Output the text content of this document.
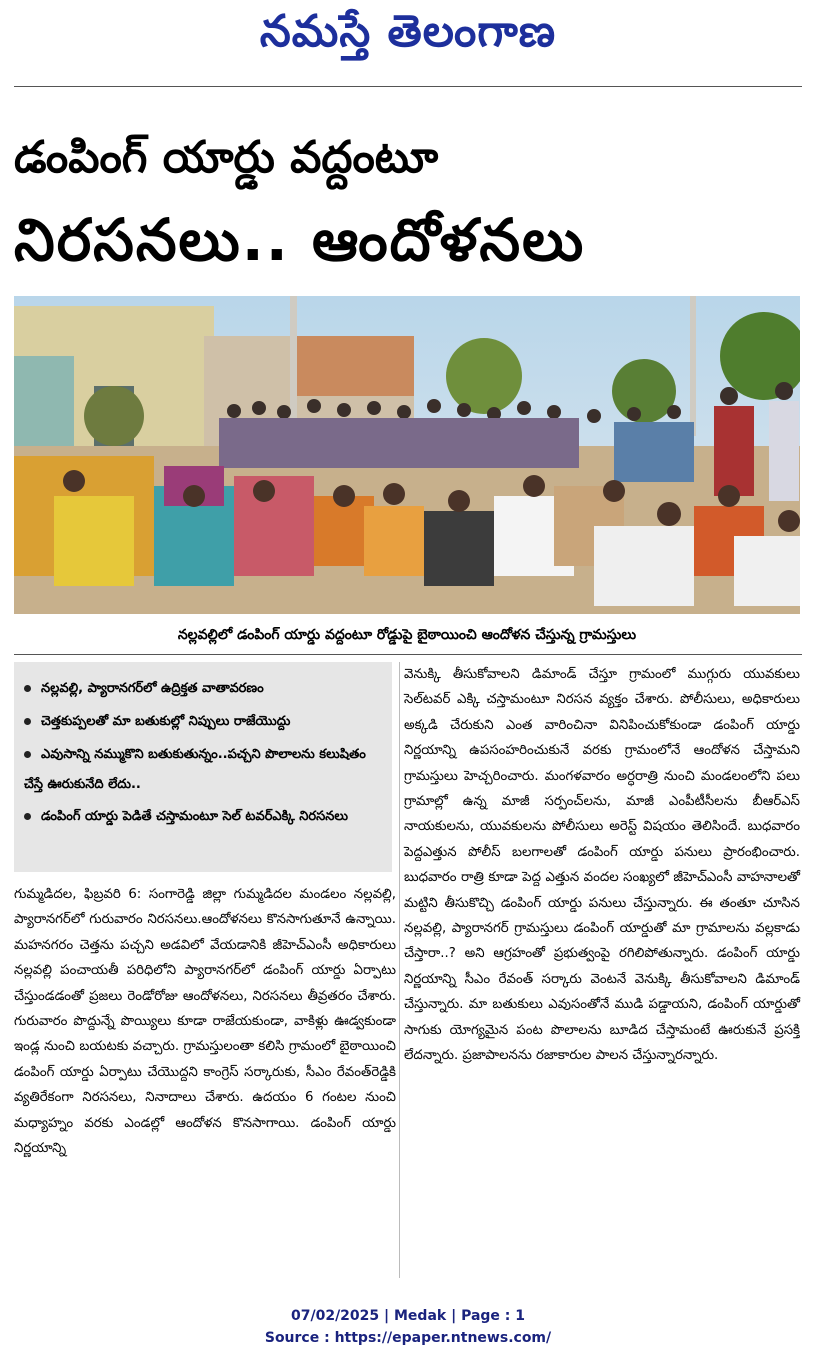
నమస్తే తెలంగాణ
డంపింగ్ యార్డు వద్దంటూ
నిరసనలు.. ఆందోళనలు
నల్లవల్లిలో డంపింగ్ యార్డు వద్దంటూ రోడ్డుపై బైఠాయించి ఆందోళన చేస్తున్న గ్రామస్తులు
నల్లవల్లి, ప్యారానగర్‌లో ఉద్రిక్తత వాతావరణం
చెత్తకుప్పలతో మా బతుకుల్లో నిప్పులు రాజేయొద్దు
ఎవుసాన్ని నమ్ముకొని బతుకుతున్నం..పచ్చని పొలాలను కలుషితం చేస్తే ఊరుకునేది లేదు..
డంపింగ్ యార్డు పెడితే చస్తామంటూ సెల్ టవర్‌ఎక్కి నిరసనలు
గుమ్మడిదల, ఫిబ్రవరి 6: సంగారెడ్డి జిల్లా గుమ్మడిదల మండలం నల్లవల్లి, ప్యారానగర్‌లో గురువారం నిరసనలు.ఆందోళనలు కొనసాగుతూనే ఉన్నాయి. మహనగరం చెత్తను పచ్చని అడవిలో వేయడానికి జీహెచ్ఎంసీ అధికారులు నల్లవల్లి పంచాయతీ పరిధిలోని ప్యారానగర్‌లో డంపింగ్ యార్డు ఏర్పాటు చేస్తుండడంతో ప్రజలు రెండోరోజు ఆందోళనలు, నిరసనలు తీవ్రతరం చేశారు. గురువారం పొద్దున్నే పొయ్యిలు కూడా రాజేయకుండా, వాకిళ్లు ఊడ్వకుండా ఇండ్ల నుంచి బయటకు వచ్చారు. గ్రామస్తులంతా కలిసి గ్రామంలో బైఠాయించి డంపింగ్ యార్డు ఏర్పాటు చేయొద్దని కాంగ్రెస్ సర్కారుకు, సీఎం రేవంత్‌రెడ్డికి వ్యతిరేకంగా నిరసనలు, నినాదాలు చేశారు. ఉదయం 6 గంటల నుంచి మధ్యాహ్నం వరకు ఎండల్లో ఆందోళన కొనసాగాయి. డంపింగ్ యార్డు నిర్ణయాన్ని
వెనుక్కి తీసుకోవాలని డిమాండ్ చేస్తూ గ్రామంలో ముగ్గురు యువకులు సెల్‌టవర్ ఎక్కి చస్తామంటూ నిరసన వ్యక్తం చేశారు. పోలీసులు, అధికారులు అక్కడి చేరుకుని ఎంత వారించినా వినిపించుకోకుండా డంపింగ్ యార్డు నిర్ణయాన్ని ఉపసంహరించుకునే వరకు గ్రామంలోనే ఆందోళన చేస్తామని గ్రామస్తులు హెచ్చరించారు. మంగళవారం అర్ధరాత్రి నుంచి మండలంలోని పలు గ్రామాల్లో ఉన్న మాజీ సర్పంచ్‌లను, మాజీ ఎంపీటీసీలను బీఆర్ఎస్ నాయకులను, యువకులను పోలీసులు అరెస్ట్ విషయం తెలిసిందే. బుధవారం పెద్దఎత్తున పోలీస్ బలగాలతో డంపింగ్ యార్డు పనులు ప్రారంభించారు. బుధవారం రాత్రి కూడా పెద్ద ఎత్తున వందల సంఖ్యలో జీహెచ్ఎంసీ వాహనాలతో మట్టిని తీసుకొచ్చి డంపింగ్ యార్డు పనులు చేస్తున్నారు. ఈ తంతూ చూసిన నల్లవల్లి, ప్యారానగర్ గ్రామస్తులు డంపింగ్ యార్డుతో మా గ్రామాలను వల్లకాడు చేస్తారా..? అని ఆగ్రహంతో ప్రభుత్వంపై రగిలిపోతున్నారు. డంపింగ్ యార్డు నిర్ణయాన్ని సీఎం రేవంత్ సర్కారు వెంటనే వెనుక్కి తీసుకోవాలని డిమాండ్ చేస్తున్నారు. మా బతుకులు ఎవుసంతోనే ముడి పడ్డాయని, డంపింగ్ యార్డుతో సాగుకు యోగ్యమైన పంట పొలాలను బూడిద చేస్తామంటే ఊరుకునే ప్రసక్తి లేదన్నారు. ప్రజాపాలనను రజాకారుల పాలన చేస్తున్నారన్నారు.
07/02/2025 | Medak | Page : 1
Source : https://epaper.ntnews.com/
